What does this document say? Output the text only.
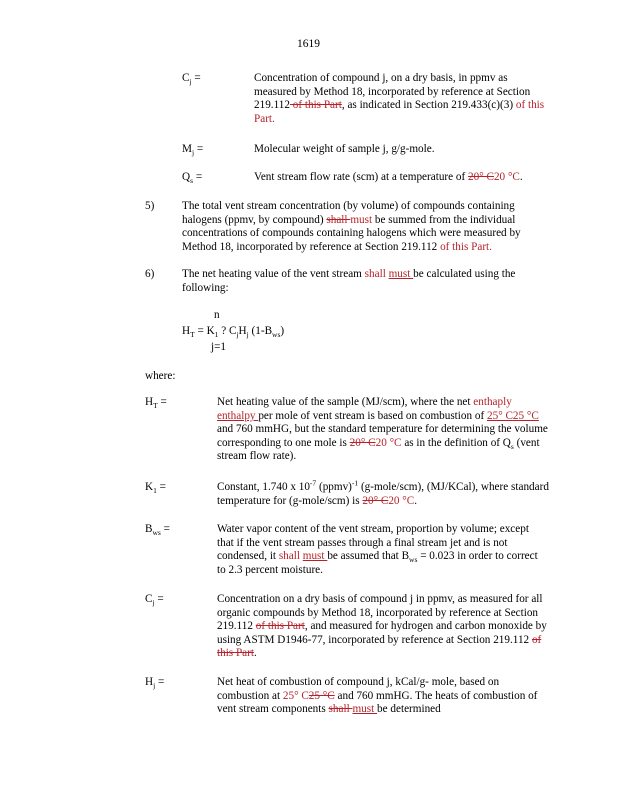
1619
$C_j$ =	Concentration of compound j, on a dry basis, in ppmv as measured by Method 18, incorporated by reference at Section 219.112 of this Part, as indicated in Section 219.433(c)(3) of this Part.
$M_j$ =	Molecular weight of sample j, g/g-mole.
$Q_s$ =	Vent stream flow rate (scm) at a temperature of 20° C20 °C.
5) The total vent stream concentration (by volume) of compounds containing halogens (ppmv, by compound) shall must be summed from the individual concentrations of compounds containing halogens which were measured by Method 18, incorporated by reference at Section 219.112 of this Part.
6) The net heating value of the vent stream shall must be calculated using the following:
n
$H_T = K_1$ ? $C_jH_j$ $(1-B_{ws})$
j=1
where:
$H_T$ =	Net heating value of the sample (MJ/scm), where the net enthaply enthalpy per mole of vent stream is based on combustion of 25° C25 °C and 760 mmHG, but the standard temperature for determining the volume corresponding to one mole is 20° C20 °C as in the definition of $Q_s$ (vent stream flow rate).
$K_1$ =	Constant, 1.740 x $10^{-7}$ (ppmv)$^{-1}$ (g-mole/scm), (MJ/KCal), where standard temperature for (g-mole/scm) is 20° C20 °C.
$B_{ws}$ =	Water vapor content of the vent stream, proportion by volume; except that if the vent stream passes through a final stream jet and is not condensed, it shall must be assumed that $B_{ws} = 0.023$ in order to correct to 2.3 percent moisture.
$C_j$ =	Concentration on a dry basis of compound j in ppmv, as measured for all organic compounds by Method 18, incorporated by reference at Section 219.112 of this Part, and measured for hydrogen and carbon monoxide by using ASTM D1946-77, incorporated by reference at Section 219.112 of this Part.
$H_j$ =	Net heat of combustion of compound j, kCal/g- mole, based on combustion at 25° C25 °C and 760 mmHG. The heats of combustion of vent stream components shall must be determined
